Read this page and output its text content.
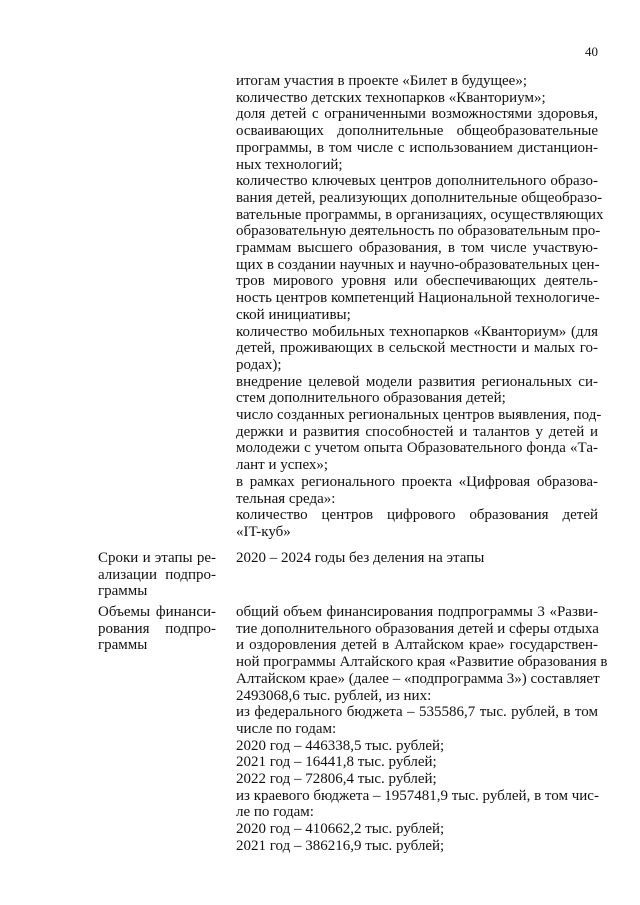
40
итогам участия в проекте «Билет в будущее»;
количество детских технопарков «Кванториум»;
доля детей с ограниченными возможностями здоровья,
осваивающих дополнительные общеобразовательные
программы, в том числе с использованием дистанцион-
ных технологий;
количество ключевых центров дополнительного образо-
вания детей, реализующих дополнительные общеобразо-
вательные программы, в организациях, осуществляющих
образовательную деятельность по образовательным про-
граммам высшего образования, в том числе участвую-
щих в создании научных и научно-образовательных цен-
тров мирового уровня или обеспечивающих деятель-
ность центров компетенций Национальной технологиче-
ской инициативы;
количество мобильных технопарков «Кванториум» (для
детей, проживающих в сельской местности и малых го-
родах);
внедрение целевой модели развития региональных си-
стем дополнительного образования детей;
число созданных региональных центров выявления, под-
держки и развития способностей и талантов у детей и
молодежи с учетом опыта Образовательного фонда «Та-
лант и успех»;
в рамках регионального проекта «Цифровая образова-
тельная среда»:
количество центров цифрового образования детей
«IT-куб»
Сроки и этапы ре-
ализации подпро-
граммы
2020 – 2024 годы без деления на этапы
Объемы финанси-
рования подпро-
граммы
общий объем финансирования подпрограммы 3 «Разви-
тие дополнительного образования детей и сферы отдыха
и оздоровления детей в Алтайском крае» государствен-
ной программы Алтайского края «Развитие образования в
Алтайском крае» (далее – «подпрограмма 3») составляет
2493068,6 тыс. рублей, из них:
из федерального бюджета – 535586,7 тыс. рублей, в том
числе по годам:
2020 год – 446338,5 тыс. рублей;
2021 год – 16441,8 тыс. рублей;
2022 год – 72806,4 тыс. рублей;
из краевого бюджета – 1957481,9 тыс. рублей, в том чис-
ле по годам:
2020 год – 410662,2 тыс. рублей;
2021 год – 386216,9 тыс. рублей;
